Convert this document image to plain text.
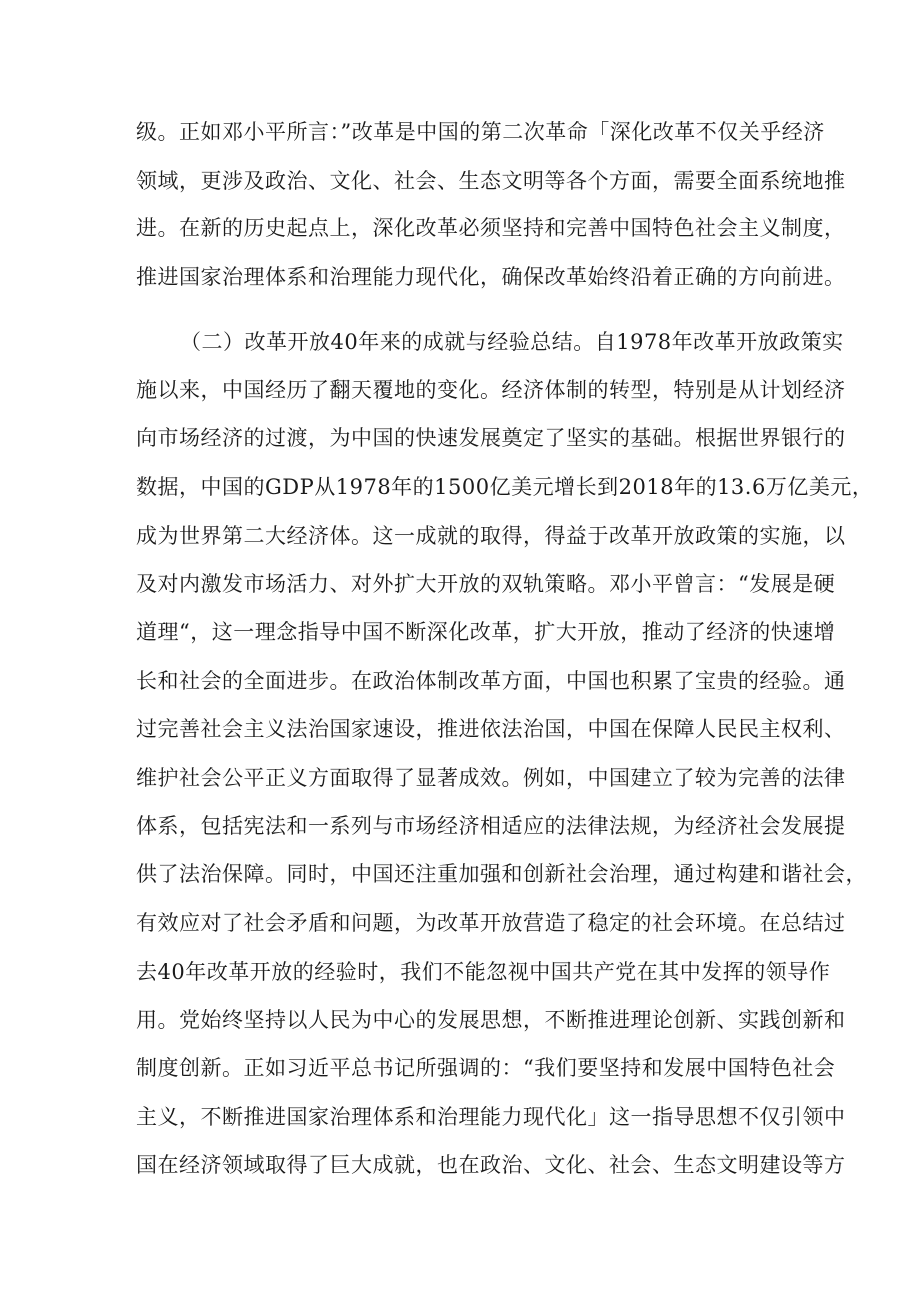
级。正如邓小平所言：”改革是中国的第二次革命「深化改革不仅关乎经济
领域，更涉及政治、文化、社会、生态文明等各个方面，需要全面系统地推
进。在新的历史起点上，深化改革必须坚持和完善中国特色社会主义制度，
推进国家治理体系和治理能力现代化，确保改革始终沿着正确的方向前进。
（二）改革开放40年来的成就与经验总结。自1978年改革开放政策实
施以来，中国经历了翻天覆地的变化。经济体制的转型，特别是从计划经济
向市场经济的过渡，为中国的快速发展奠定了坚实的基础。根据世界银行的
数据，中国的GDP从1978年的1500亿美元增长到2018年的13.6万亿美元，
成为世界第二大经济体。这一成就的取得，得益于改革开放政策的实施，以
及对内激发市场活力、对外扩大开放的双轨策略。邓小平曾言：“发展是硬
道理“，这一理念指导中国不断深化改革，扩大开放，推动了经济的快速增
长和社会的全面进步。在政治体制改革方面，中国也积累了宝贵的经验。通
过完善社会主义法治国家速设，推进依法治国，中国在保障人民民主权利、
维护社会公平正义方面取得了显著成效。例如，中国建立了较为完善的法律
体系，包括宪法和一系列与市场经济相适应的法律法规，为经济社会发展提
供了法治保障。同时，中国还注重加强和创新社会治理，通过构建和谐社会，
有效应对了社会矛盾和问题，为改革开放营造了稳定的社会环境。在总结过
去40年改革开放的经验时，我们不能忽视中国共产党在其中发挥的领导作
用。党始终坚持以人民为中心的发展思想，不断推进理论创新、实践创新和
制度创新。正如习近平总书记所强调的：“我们要坚持和发展中国特色社会
主义，不断推进国家治理体系和治理能力现代化」这一指导思想不仅引领中
国在经济领域取得了巨大成就，也在政治、文化、社会、生态文明建设等方
